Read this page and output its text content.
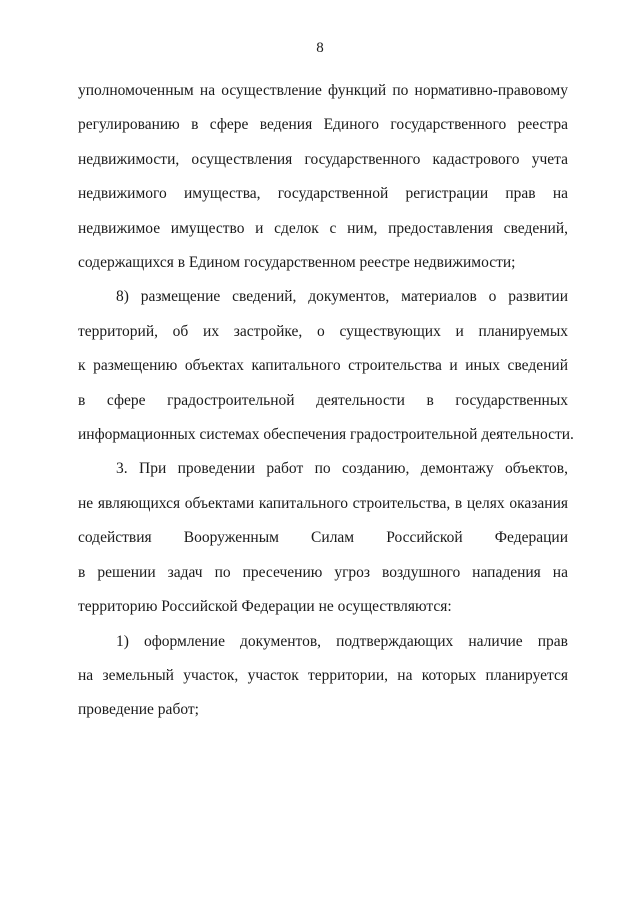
8

уполномоченным на осуществление функций по нормативно-правовому
регулированию в сфере ведения Единого государственного реестра
недвижимости, осуществления государственного кадастрового учета
недвижимого имущества, государственной регистрации прав на
недвижимое имущество и сделок с ним, предоставления сведений,
содержащихся в Едином государственном реестре недвижимости;

8) размещение сведений, документов, материалов о развитии
территорий, об их застройке, о существующих и планируемых
к размещению объектах капитального строительства и иных сведений
в сфере градостроительной деятельности в государственных
информационных системах обеспечения градостроительной деятельности.

3. При проведении работ по созданию, демонтажу объектов,
не являющихся объектами капитального строительства, в целях оказания
содействия Вооруженным Силам Российской Федерации
в решении задач по пресечению угроз воздушного нападения на
территорию Российской Федерации не осуществляются:

1) оформление документов, подтверждающих наличие прав
на земельный участок, участок территории, на которых планируется
проведение работ;
